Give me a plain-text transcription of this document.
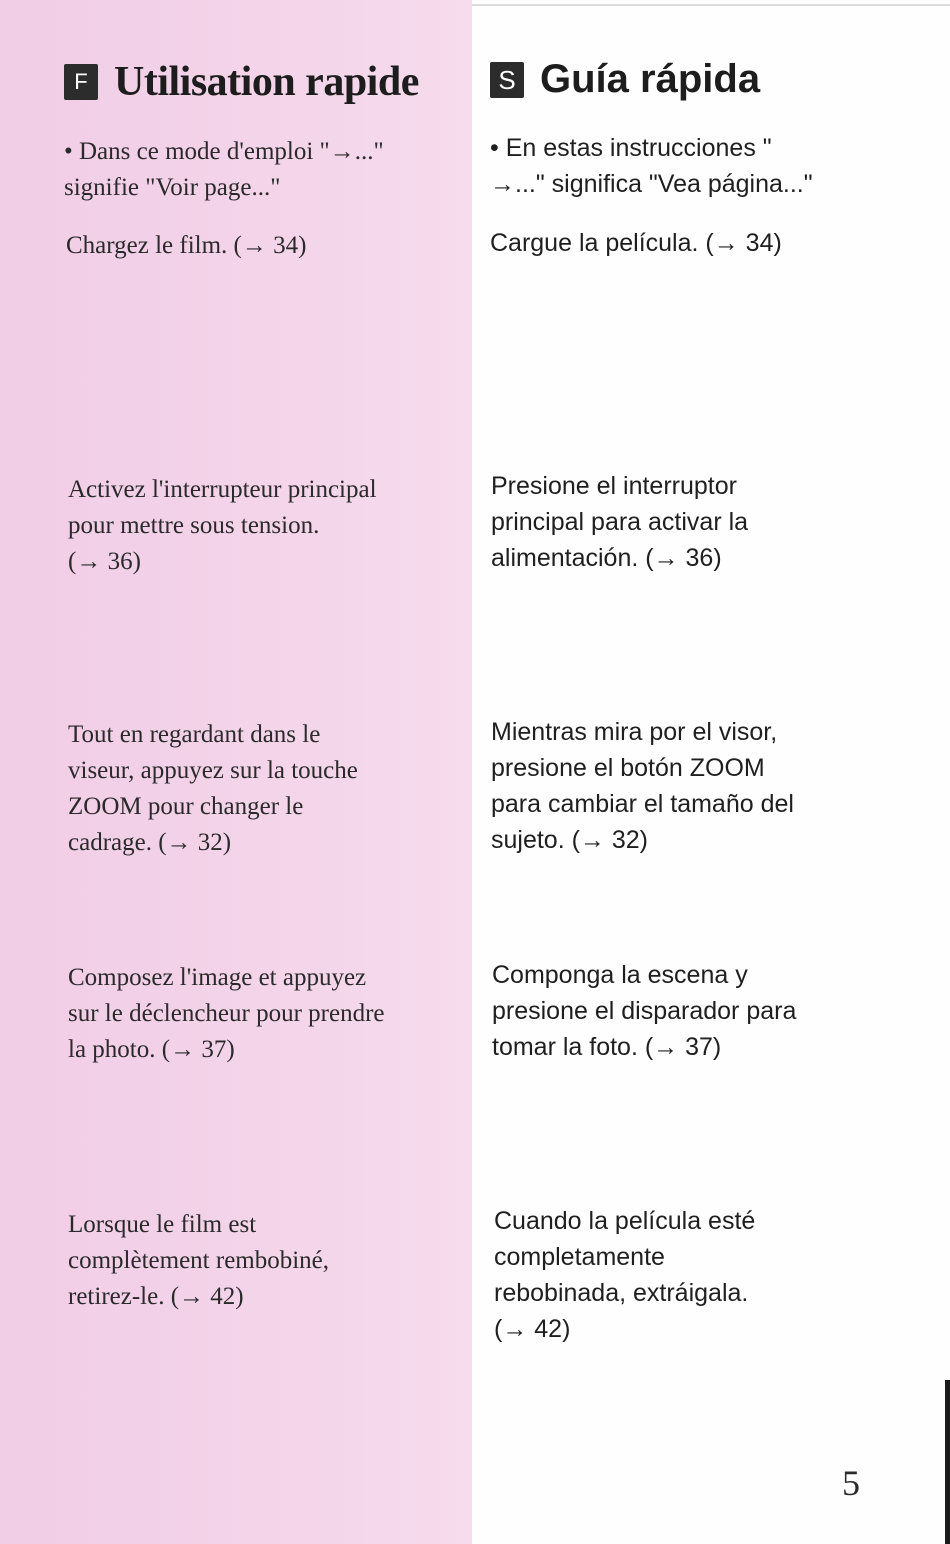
F Utilisation rapide	S Guía rápida
• Dans ce mode d'emploi "→..."
signifie "Voir page..."
Chargez le film. (→ 34)
Activez l'interrupteur principal
pour mettre sous tension.
(→ 36)
Tout en regardant dans le
viseur, appuyez sur la touche
ZOOM pour changer le
cadrage. (→ 32)
Composez l'image et appuyez
sur le déclencheur pour prendre
la photo. (→ 37)
Lorsque le film est
complètement rembobiné,
retirez-le. (→ 42)
• En estas instrucciones "
→..." significa "Vea página..."
Cargue la película. (→ 34)
Presione el interruptor
principal para activar la
alimentación. (→ 36)
Mientras mira por el visor,
presione el botón ZOOM
para cambiar el tamaño del
sujeto. (→ 32)
Componga la escena y
presione el disparador para
tomar la foto. (→ 37)
Cuando la película esté
completamente
rebobinada, extráigala.
(→ 42)
5
